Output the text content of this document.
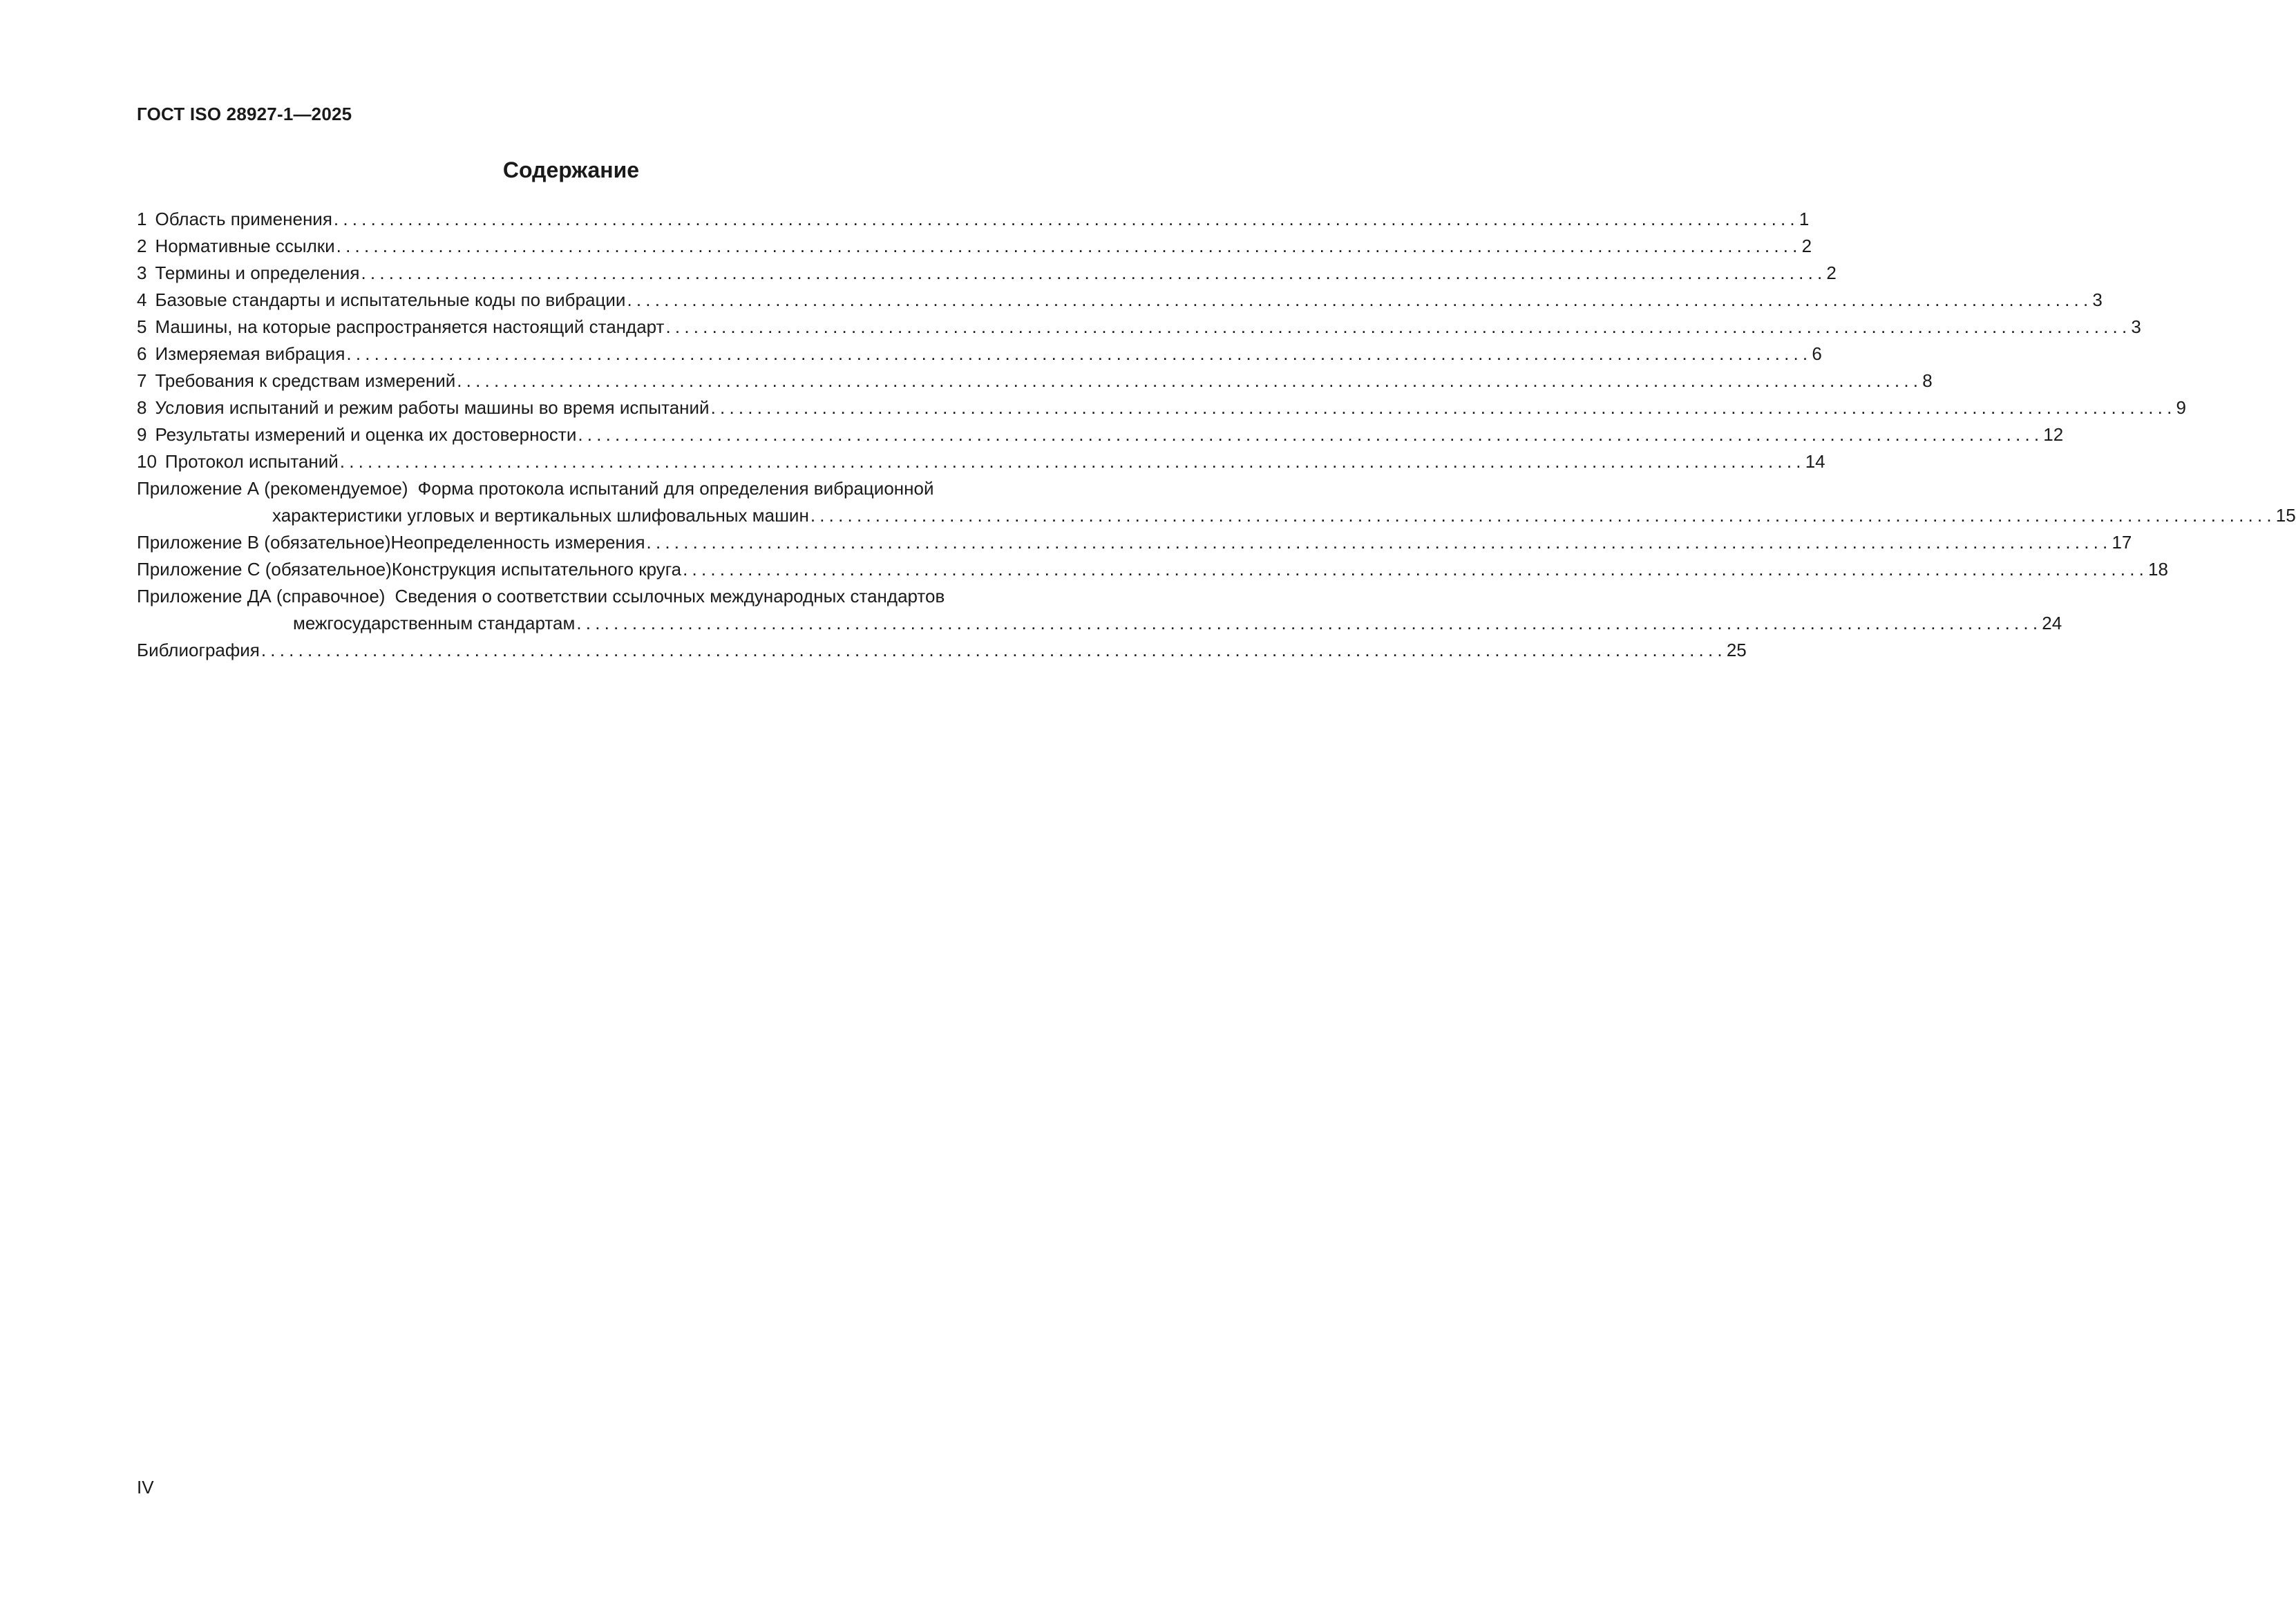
ГОСТ ISO 28927-1—2025
Содержание
1 Область применения .............................................................................................................................................................. 1
2 Нормативные ссылки .............................................................................................................................................................. 2
3 Термины и определения .............................................................................................................................................................. 2
4 Базовые стандарты и испытательные коды по вибрации .............................................................................................................................................................. 3
5 Машины, на которые распространяется настоящий стандарт .............................................................................................................................................................. 3
6 Измеряемая вибрация .............................................................................................................................................................. 6
7 Требования к средствам измерений .............................................................................................................................................................. 8
8 Условия испытаний и режим работы машины во время испытаний .............................................................................................................................................................. 9
9 Результаты измерений и оценка их достоверности .............................................................................................................................................................. 12
10 Протокол испытаний .............................................................................................................................................................. 14
Приложение А (рекомендуемое) Форма протокола испытаний для определения вибрационной
характеристики угловых и вертикальных шлифовальных машин .............................................................................................................................................................. 15
Приложение В (обязательное) Неопределенность измерения .............................................................................................................................................................. 17
Приложение С (обязательное) Конструкция испытательного круга .............................................................................................................................................................. 18
Приложение ДА (справочное) Сведения о соответствии ссылочных международных стандартов
межгосударственным стандартам .............................................................................................................................................................. 24
Библиография .............................................................................................................................................................. 25
IV
